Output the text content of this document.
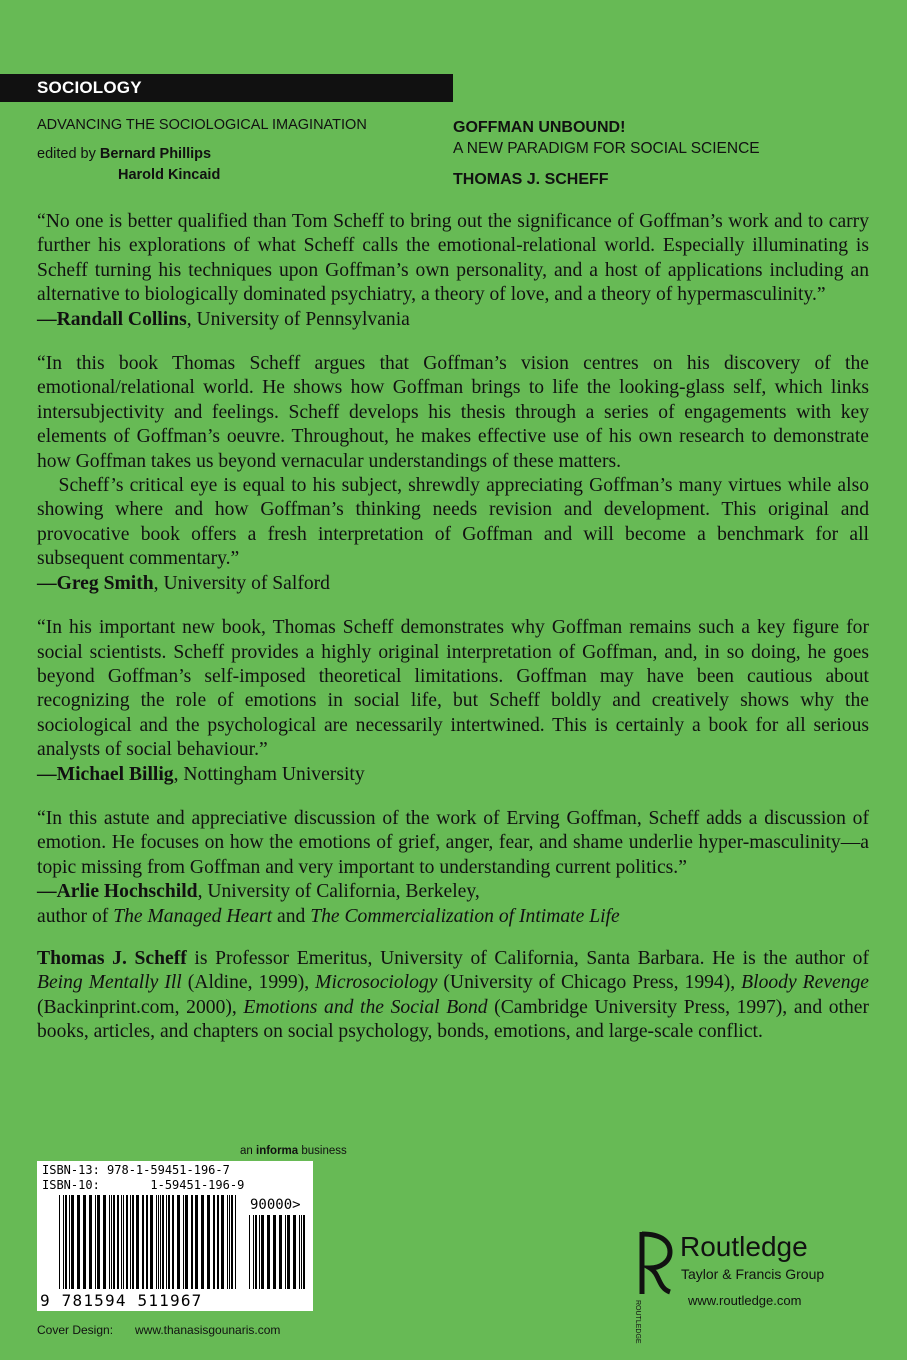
SOCIOLOGY
ADVANCING THE SOCIOLOGICAL IMAGINATION
edited by Bernard Phillips
Harold Kincaid
GOFFMAN UNBOUND!
A NEW PARADIGM FOR SOCIAL SCIENCE
THOMAS J. SCHEFF

“No one is better qualified than Tom Scheff to bring out the significance of Goffman’s work and to carry further his explorations of what Scheff calls the emotional-relational world. Especially illuminating is Scheff turning his techniques upon Goffman’s own personality, and a host of applications including an alternative to biologically dominated psychiatry, a theory of love, and a theory of hypermasculinity.”

—Randall Collins, University of Pennsylvania

“In this book Thomas Scheff argues that Goffman’s vision centres on his discovery of the emotional/relational world. He shows how Goffman brings to life the looking-glass self, which links intersubjectivity and feelings. Scheff develops his thesis through a series of engagements with key elements of Goffman’s oeuvre. Throughout, he makes effective use of his own research to demonstrate how Goffman takes us beyond vernacular understandings of these matters.

Scheff’s critical eye is equal to his subject, shrewdly appreciating Goffman’s many virtues while also showing where and how Goffman’s thinking needs revision and development. This original and provocative book offers a fresh interpretation of Goffman and will become a benchmark for all subsequent commentary.”

—Greg Smith, University of Salford

“In his important new book, Thomas Scheff demonstrates why Goffman remains such a key figure for social scientists. Scheff provides a highly original interpretation of Goffman, and, in so doing, he goes beyond Goffman’s self-imposed theoretical limitations. Goffman may have been cautious about recognizing the role of emotions in social life, but Scheff boldly and creatively shows why the sociological and the psychological are necessarily intertwined. This is certainly a book for all serious analysts of social behaviour.”

—Michael Billig, Nottingham University

“In this astute and appreciative discussion of the work of Erving Goffman, Scheff adds a discussion of emotion. He focuses on how the emotions of grief, anger, fear, and shame underlie hyper-masculinity—a topic missing from Goffman and very important to understanding current politics.”

—Arlie Hochschild, University of California, Berkeley,

author of The Managed Heart and The Commercialization of Intimate Life

Thomas J. Scheff is Professor Emeritus, University of California, Santa Barbara. He is the author of Being Mentally Ill (Aldine, 1999), Microsociology (University of Chicago Press, 1994), Bloody Revenge (Backinprint.com, 2000), Emotions and the Social Bond (Cambridge University Press, 1997), and other books, articles, and chapters on social psychology, bonds, emotions, and large-scale conflict.

an informa business
ISBN-13: 978-1-59451-196-7
ISBN-10:       1-59451-196-9
90000>
9 781594 511967
Cover Design: www.thanasisgounaris.com	ROUTLEDGE
Routledge
Taylor & Francis Group
www.routledge.com
